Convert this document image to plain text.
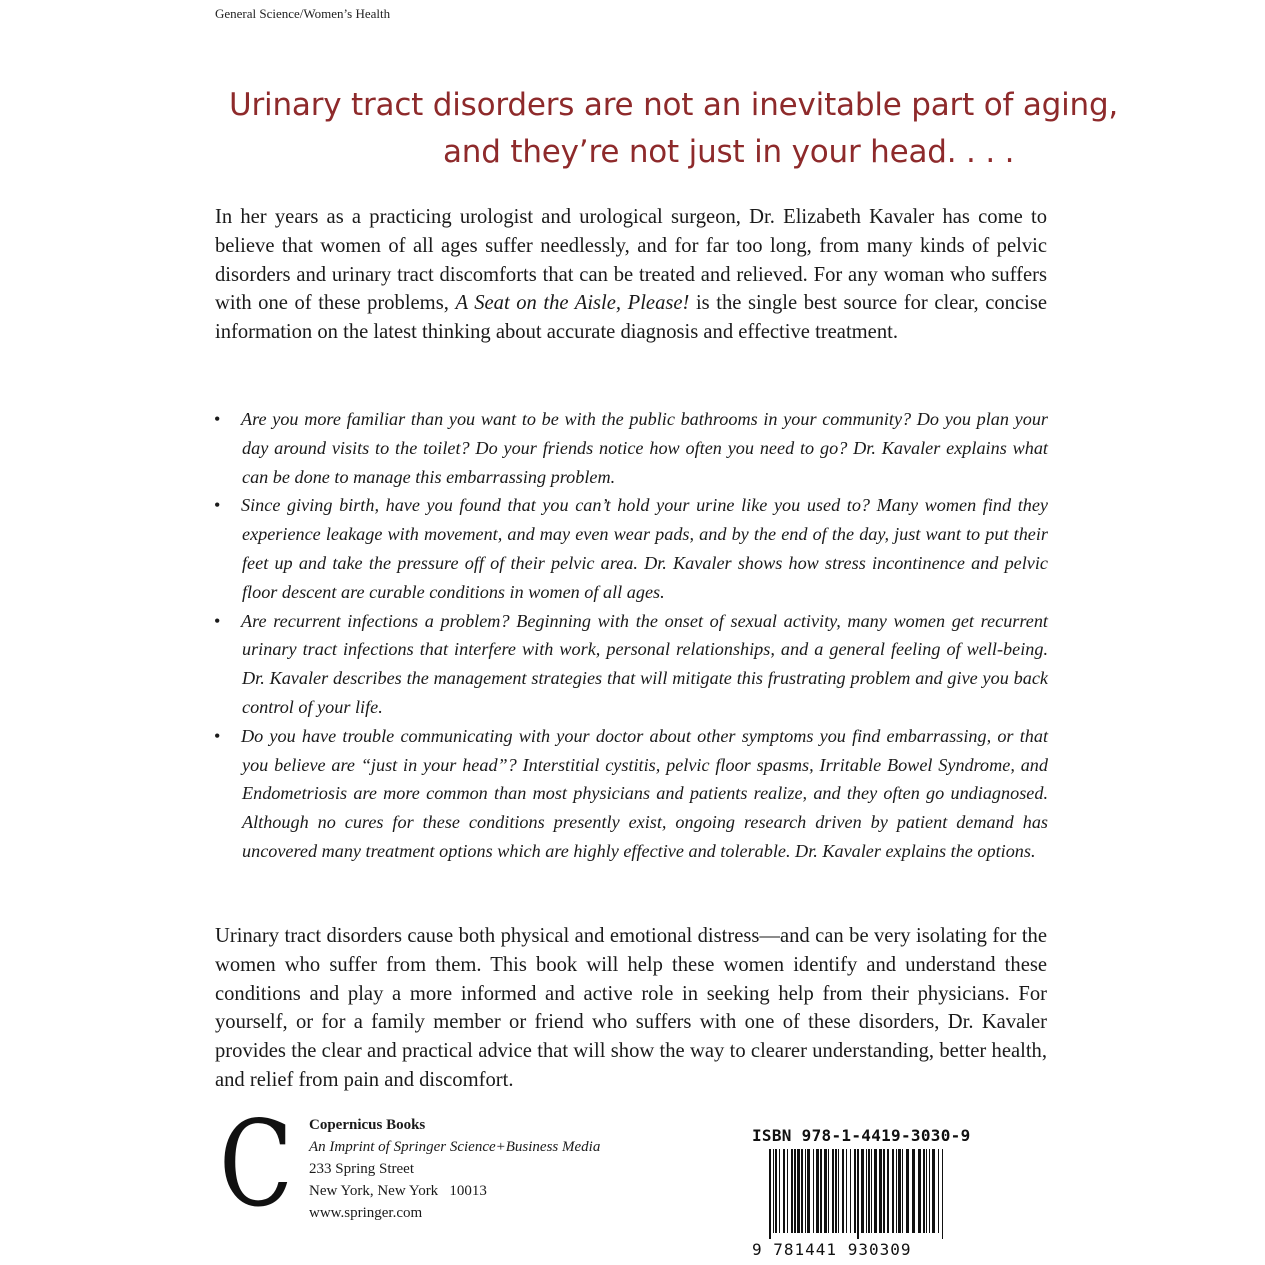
General Science/Women’s Health
Urinary tract disorders are not an inevitable part of aging,
and they’re not just in your head. . . .

In her years as a practicing urologist and urological surgeon, Dr. Elizabeth Kavaler has come to believe that women of all ages suffer needlessly, and for far too long, from many kinds of pelvic disorders and urinary tract discomforts that can be treated and relieved. For any woman who suffers with one of these problems, A Seat on the Aisle, Please! is the single best source for clear, concise information on the latest thinking about accurate diagnosis and effective treatment.

• Are you more familiar than you want to be with the public bathrooms in your community? Do you plan your day around visits to the toilet? Do your friends notice how often you need to go? Dr. Kavaler explains what can be done to manage this embarrassing problem.
• Since giving birth, have you found that you can’t hold your urine like you used to? Many women find they experience leakage with movement, and may even wear pads, and by the end of the day, just want to put their feet up and take the pressure off of their pelvic area. Dr. Kavaler shows how stress incontinence and pelvic floor descent are curable conditions in women of all ages.
• Are recurrent infections a problem? Beginning with the onset of sexual activity, many women get recurrent urinary tract infections that interfere with work, personal relationships, and a general feeling of well-being. Dr. Kavaler describes the management strategies that will mitigate this frustrating problem and give you back control of your life.
• Do you have trouble communicating with your doctor about other symptoms you find embarrassing, or that you believe are “just in your head”? Interstitial cystitis, pelvic floor spasms, Irritable Bowel Syndrome, and Endometriosis are more common than most physicians and patients realize, and they often go undiagnosed. Although no cures for these conditions presently exist, ongoing research driven by patient demand has uncovered many treatment options which are highly effective and tolerable. Dr. Kavaler explains the options.

Urinary tract disorders cause both physical and emotional distress—and can be very isolating for the women who suffer from them. This book will help these women identify and understand these conditions and play a more informed and active role in seeking help from their physicians. For yourself, or for a family member or friend who suffers with one of these disorders, Dr. Kavaler provides the clear and practical advice that will show the way to clearer understanding, better health, and relief from pain and discomfort.

C Copernicus Books
An Imprint of Springer Science+Business Media
233 Spring Street
New York, New York   10013
www.springer.com
ISBN 978-1-4419-3030-9
9 781441 930309
